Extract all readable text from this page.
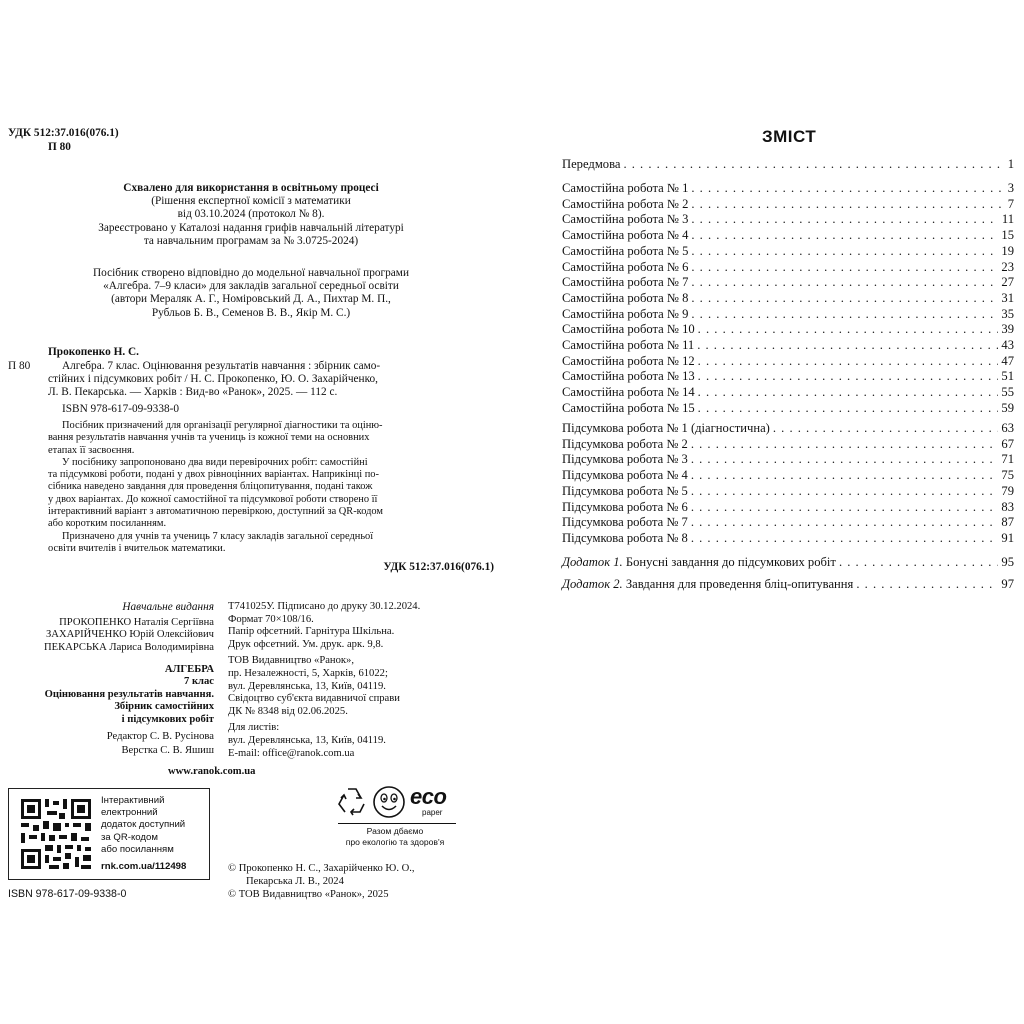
УДК 512:37.016(076.1)
П 80
Схвалено для використання в освітньому процесі
(Рішення експертної комісії з математики
від 03.10.2024 (протокол № 8).
Зареєстровано у Каталозі надання грифів навчальній літературі
та навчальним програмам за № 3.0725-2024)
Посібник створено відповідно до модельної навчальної програми
«Алгебра. 7–9 класи» для закладів загальної середньої освіти
(автори Мераляк А. Г., Номіровський Д. А., Пихтар М. П.,
Рубльов Б. В., Семенов В. В., Якір М. С.)
Прокопенко Н. С.
П 80	Алгебра. 7 клас. Оцінювання результатів навчання : збірник само-
стійних і підсумкових робіт / Н. С. Прокопенко, Ю. О. Захарійченко,
Л. В. Пекарська. — Харків : Вид-во «Ранок», 2025. — 112 с.
ISBN 978-617-09-9338-0
Посібник призначений для організації регулярної діагностики та оціню-
вання результатів навчання учнів та учениць із кожної теми на основних
етапах її засвоєння.
У посібнику запропоновано два види перевірочних робіт: самостійні
та підсумкові роботи, подані у двох рівноцінних варіантах. Наприкінці по-
сібника наведено завдання для проведення бліцопитування, подані також
у двох варіантах. До кожної самостійної та підсумкової роботи створено її
інтерактивний варіант з автоматичною перевіркою, доступний за QR-кодом
або коротким посиланням.
Призначено для учнів та учениць 7 класу закладів загальної середньої
освіти вчителів і вчительок математики.
УДК 512:37.016(076.1)
Навчальне видання
ПРОКОПЕНКО Наталія Сергіївна
ЗАХАРІЙЧЕНКО Юрій Олексійович
ПЕКАРСЬКА Лариса Володимирівна
АЛГЕБРА
7 клас
Оцінювання результатів навчання.
Збірник самостійних
і підсумкових робіт
Редактор С. В. Русінова
Верстка С. В. Яшиш
Т741025У. Підписано до друку 30.12.2024.
Формат 70×108/16.
Папір офсетний. Гарнітура Шкільна.
Друк офсетний. Ум. друк. арк. 9,8.
ТОВ Видавництво «Ранок»,
пр. Незалежності, 5, Харків, 61022;
вул. Деревлянська, 13, Київ, 04119.
Свідоцтво суб'єкта видавничої справи
ДК № 8348 від 02.06.2025.
Для листів:
вул. Деревлянська, 13, Київ, 04119.
E-mail: office@ranok.com.ua
www.ranok.com.ua
Інтерактивний
електронний
додаток доступний
за QR-кодом
або посиланням
rnk.com.ua/112498
eco
paper
Разом дбаємо
про екологію та здоров'я
© Прокопенко Н. С., Захарійченко Ю. О.,
Пекарська Л. В., 2024
© ТОВ Видавництво «Ранок», 2025
ISBN 978-617-09-9338-0
ЗМІСТ
Передмова . . .	1
Самостійна робота № 1 . . .	3
Самостійна робота № 2 . . .	7
Самостійна робота № 3 . . .	11
Самостійна робота № 4 . . .	15
Самостійна робота № 5 . . .	19
Самостійна робота № 6 . . .	23
Самостійна робота № 7 . . .	27
Самостійна робота № 8 . . .	31
Самостійна робота № 9 . . .	35
Самостійна робота № 10 . . .	39
Самостійна робота № 11 . . .	43
Самостійна робота № 12 . . .	47
Самостійна робота № 13 . . .	51
Самостійна робота № 14 . . .	55
Самостійна робота № 15 . . .	59
Підсумкова робота № 1 (діагностична) . . .	63
Підсумкова робота № 2 . . .	67
Підсумкова робота № 3 . . .	71
Підсумкова робота № 4 . . .	75
Підсумкова робота № 5 . . .	79
Підсумкова робота № 6 . . .	83
Підсумкова робота № 7 . . .	87
Підсумкова робота № 8 . . .	91
Додаток 1. Бонусні завдання до підсумкових робіт . . .	95
Додаток 2. Завдання для проведення бліц-опитування . . .	97
